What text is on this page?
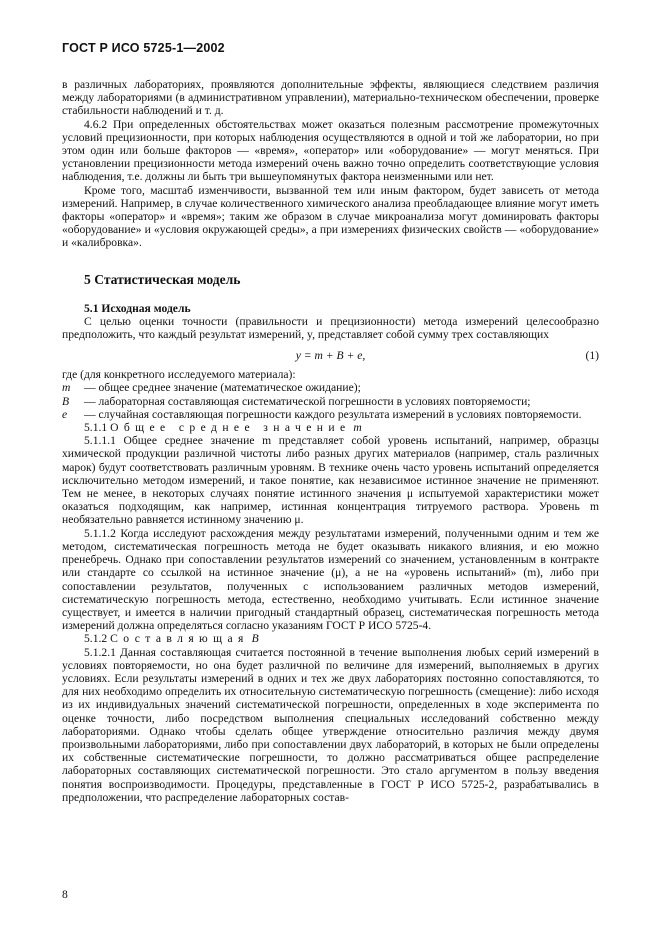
ГОСТ Р ИСО 5725-1—2002

в различных лабораториях, проявляются дополнительные эффекты, являющиеся следствием различия между лабораториями (в административном управлении), материально-техническом обеспечении, проверке стабильности наблюдений и т. д.

4.6.2 При определенных обстоятельствах может оказаться полезным рассмотрение промежуточных условий прецизионности, при которых наблюдения осуществляются в одной и той же лаборатории, но при этом один или больше факторов — «время», «оператор» или «оборудование» — могут меняться. При установлении прецизионности метода измерений очень важно точно определить соответствующие условия наблюдения, т.е. должны ли быть три вышеупомянутых фактора неизменными или нет.

Кроме того, масштаб изменчивости, вызванной тем или иным фактором, будет зависеть от метода измерений. Например, в случае количественного химического анализа преобладающее влияние могут иметь факторы «оператор» и «время»; таким же образом в случае микроанализа могут доминировать факторы «оборудование» и «условия окружающей среды», а при измерениях физических свойств — «оборудование» и «калибровка».

5 Статистическая модель
5.1 Исходная модель

С целью оценки точности (правильности и прецизионности) метода измерений целесообразно предположить, что каждый результат измерений, y, представляет собой сумму трех составляющих

y = m + B + e,	(1)

где (для конкретного исследуемого материала):

m	— общее среднее значение (математическое ожидание);
B	— лабораторная составляющая систематической погрешности в условиях повторяемости;
e	— случайная составляющая погрешности каждого результата измерений в условиях повторяемости.

5.1.1 Общее среднее значение m

5.1.1.1 Общее среднее значение m представляет собой уровень испытаний, например, образцы химической продукции различной чистоты либо разных других материалов (например, сталь различных марок) будут соответствовать различным уровням. В технике очень часто уровень испытаний определяется исключительно методом измерений, и такое понятие, как независимое истинное значение не применяют. Тем не менее, в некоторых случаях понятие истинного значения μ испытуемой характеристики может оказаться подходящим, как например, истинная концентрация титруемого раствора. Уровень m необязательно равняется истинному значению μ.

5.1.1.2 Когда исследуют расхождения между результатами измерений, полученными одним и тем же методом, систематическая погрешность метода не будет оказывать никакого влияния, и ею можно пренебречь. Однако при сопоставлении результатов измерений со значением, установленным в контракте или стандарте со ссылкой на истинное значение (μ), а не на «уровень испытаний» (m), либо при сопоставлении результатов, полученных с использованием различных методов измерений, систематическую погрешность метода, естественно, необходимо учитывать. Если истинное значение существует, и имеется в наличии пригодный стандартный образец, систематическая погрешность метода измерений должна определяться согласно указаниям ГОСТ Р ИСО 5725-4.

5.1.2 Составляющая B

5.1.2.1 Данная составляющая считается постоянной в течение выполнения любых серий измерений в условиях повторяемости, но она будет различной по величине для измерений, выполняемых в других условиях. Если результаты измерений в одних и тех же двух лабораториях постоянно сопоставляются, то для них необходимо определить их относительную систематическую погрешность (смещение): либо исходя из их индивидуальных значений систематической погрешности, определенных в ходе эксперимента по оценке точности, либо посредством выполнения специальных исследований собственно между лабораториями. Однако чтобы сделать общее утверждение относительно различия между двумя произвольными лабораториями, либо при сопоставлении двух лабораторий, в которых не были определены их собственные систематические погрешности, то должно рассматриваться общее распределение лабораторных составляющих систематической погрешности. Это стало аргументом в пользу введения понятия воспроизводимости. Процедуры, представленные в ГОСТ Р ИСО 5725-2, разрабатывались в предположении, что распределение лабораторных состав-

8
